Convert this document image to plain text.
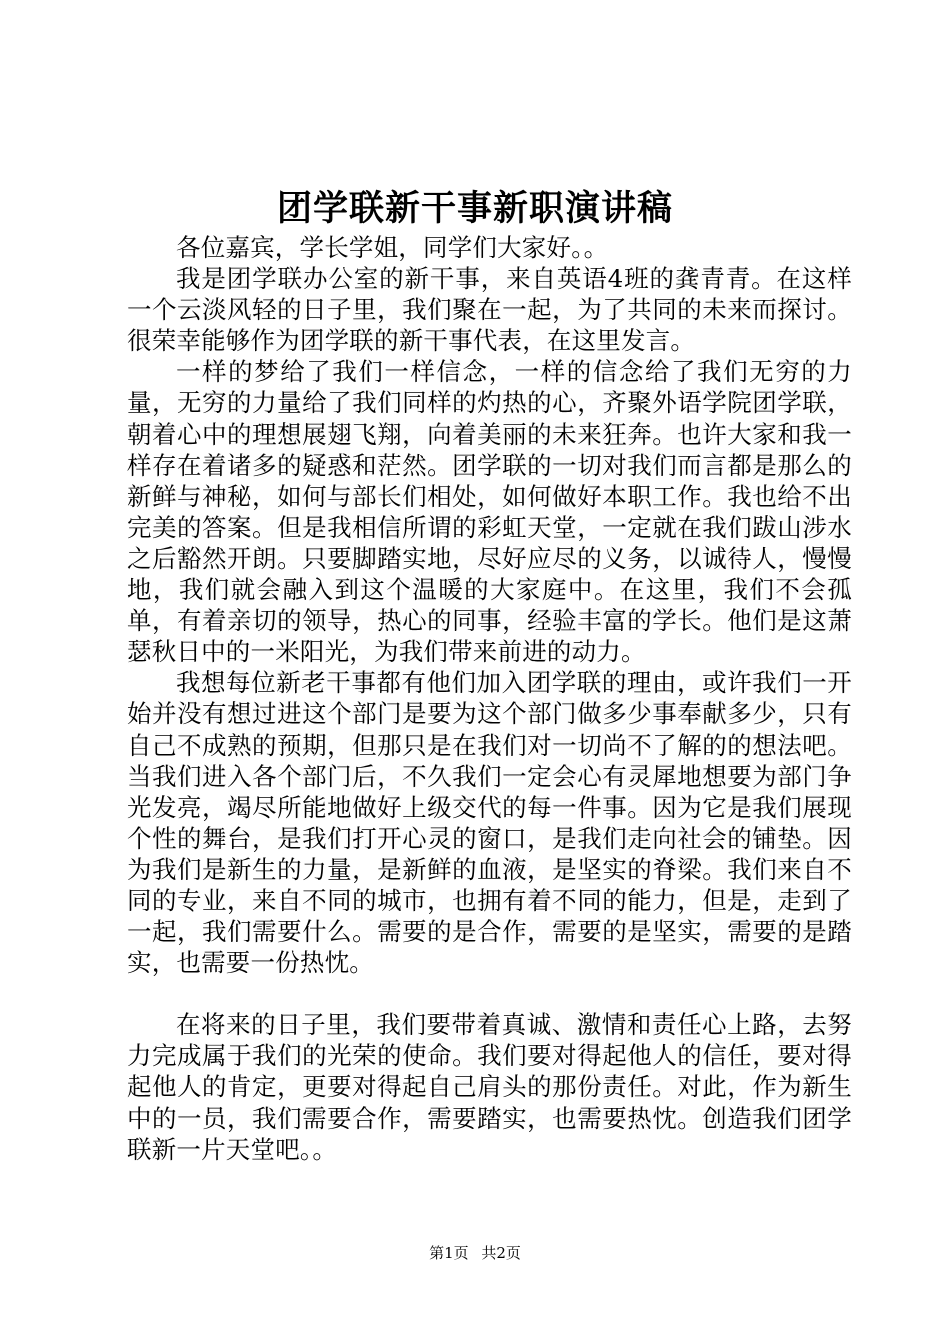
团学联新干事新职演讲稿

各位嘉宾，学长学姐，同学们大家好。。

我是团学联办公室的新干事，来自英语4班的龚青青。在这样一个云淡风轻的日子里，我们聚在一起，为了共同的未来而探讨。很荣幸能够作为团学联的新干事代表，在这里发言。

一样的梦给了我们一样信念，一样的信念给了我们无穷的力量，无穷的力量给了我们同样的灼热的心，齐聚外语学院团学联，朝着心中的理想展翅飞翔，向着美丽的未来狂奔。也许大家和我一样存在着诸多的疑惑和茫然。团学联的一切对我们而言都是那么的新鲜与神秘，如何与部长们相处，如何做好本职工作。我也给不出完美的答案。但是我相信所谓的彩虹天堂，一定就在我们跋山涉水之后豁然开朗。只要脚踏实地，尽好应尽的义务，以诚待人，慢慢地，我们就会融入到这个温暖的大家庭中。在这里，我们不会孤单，有着亲切的领导，热心的同事，经验丰富的学长。他们是这萧瑟秋日中的一米阳光，为我们带来前进的动力。

我想每位新老干事都有他们加入团学联的理由，或许我们一开始并没有想过进这个部门是要为这个部门做多少事奉献多少，只有自己不成熟的预期，但那只是在我们对一切尚不了解的的想法吧。当我们进入各个部门后，不久我们一定会心有灵犀地想要为部门争光发亮，竭尽所能地做好上级交代的每一件事。因为它是我们展现个性的舞台，是我们打开心灵的窗口，是我们走向社会的铺垫。因为我们是新生的力量，是新鲜的血液，是坚实的脊梁。我们来自不同的专业，来自不同的城市，也拥有着不同的能力，但是，走到了一起，我们需要什么。需要的是合作，需要的是坚实，需要的是踏实，也需要一份热忱。

在将来的日子里，我们要带着真诚、激情和责任心上路，去努力完成属于我们的光荣的使命。我们要对得起他人的信任，要对得起他人的肯定，更要对得起自己肩头的那份责任。对此，作为新生中的一员，我们需要合作，需要踏实，也需要热忱。创造我们团学联新一片天堂吧。。

第1页 共2页
